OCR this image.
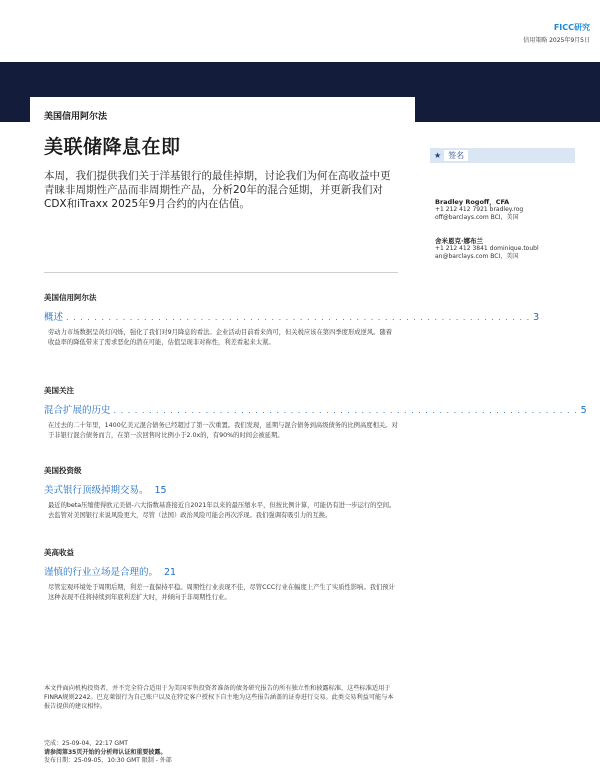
FICC研究
信用策略 2025年9月5日
美国信用阿尔法
美联储降息在即
本周，我们提供我们关于洋基银行的最佳掉期，讨论我们为何在高收益中更青睐非周期性产品而非周期性产品，分析20年的混合延期，并更新我们对CDX和iTraxx 2025年9月合约的内在估值。
★ 签名
Bradley Rogoff，CFA
+1 212 412 7921 bradley.rog
off@barclays.com BCI，美国
舍米恩克·娜布兰
+1 212 412 3841 dominique.toubl
an@barclays.com BCI，美国
美国信用阿尔法
概述 . . . . . . . . . . . . . . . . . . . . . . . . . . . . . . . . . . . . . . . . . . . . . . . . . . . . . . . . . . . . . . . . . . 3
劳动力市场数据呈黄灯闪烁，强化了我们对9月降息的看法。企业活动目前看来尚可，但关税应该在第四季度形成逆风。随着收益率的降低带来了需求恶化的潜在可能，估值呈现非对称性，利差看起来太紧。
美国关注
混合扩展的历史 . . . . . . . . . . . . . . . . . . . . . . . . . . . . . . . . . . . . . . . . . . . . . . . . . . . . . . . . . . . . . . . . . . 5
在过去的二十年里，1400亿美元混合债务已经超过了第一次重置。我们发现，延期与混合债务到高级债务的比例高度相关。对于非银行混合债务而言，在第一次回售时比例小于2.0x的，有90%的时间会被延期。
美国投资级
美式银行顶级掉期交易。 15
最近的beta压缩使得欧元美债-六大指数基准接近自2021年以来的最压缩水平，但按比例计算，可能仍有进一步运行的空间。去监管对美国银行来说风险更大，尽管（法国）政治风险可能会再次浮现。我们强调有吸引力的互换。
美高收益
谨慎的行业立场是合理的。 21
尽管宏观环境处于周期后期，利差一直保持平稳。周期性行业表现不佳，尽管CCC行业在幅度上产生了实质性影响。我们预计这种表现不佳将持续到年底利差扩大时，并倾向于非周期性行业。
本文件面向机构投资者，并不完全符合适用于为美国零售投资者准备的债务研究报告的所有独立性和披露标准，这些标准适用于FINRA规则2242。巴克莱银行为自己账户以及在特定客户授权下自主地为这些报告涵盖的证券进行交易。此类交易利益可能与本报告提供的建议相悖。
完成：25-09-04，22:17 GMT
请参阅第35页开始的分析师认证和重要披露。
发布日期：25-09-05，10:30 GMT 限制 - 外部
